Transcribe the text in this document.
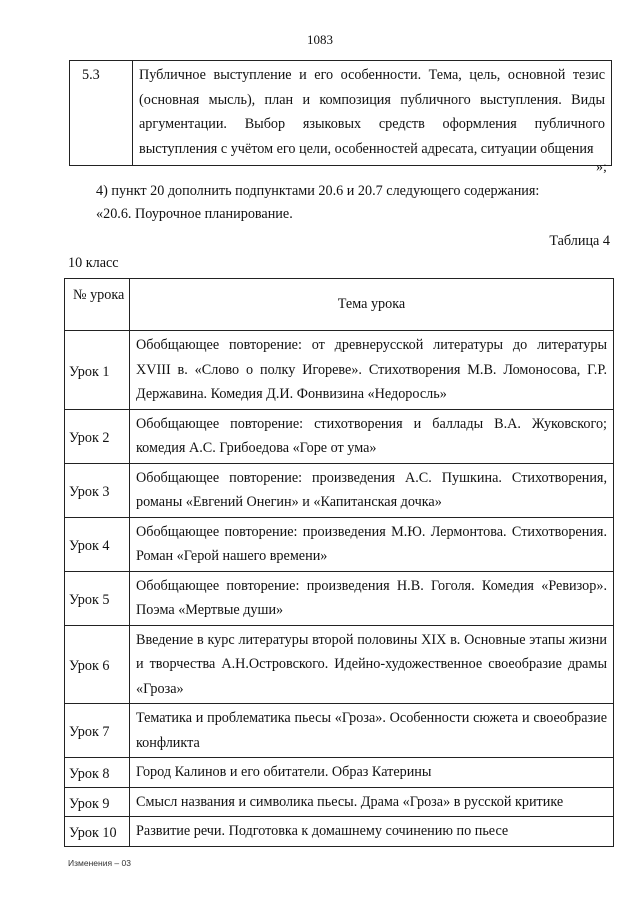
1083
5.3	Публичное выступление и его особенности. Тема, цель, основной тезис (основная мысль), план и композиция публичного выступления. Виды аргументации. Выбор языковых средств оформления публичного выступления с учётом его цели, особенностей адресата, ситуации общения
»;
4) пункт 20 дополнить подпунктами 20.6 и 20.7 следующего содержания:
«20.6. Поурочное планирование.
Таблица 4
10 класс
№ урока	Тема урока
Урок 1	Обобщающее повторение: от древнерусской литературы до литературы XVIII в. «Слово о полку Игореве». Стихотворения М.В. Ломоносова, Г.Р. Державина. Комедия Д.И. Фонвизина «Недоросль»
Урок 2	Обобщающее повторение: стихотворения и баллады В.А. Жуковского; комедия А.С. Грибоедова «Горе от ума»
Урок 3	Обобщающее повторение: произведения А.С. Пушкина. Стихотворения, романы «Евгений Онегин» и «Капитанская дочка»
Урок 4	Обобщающее повторение: произведения М.Ю. Лермонтова. Стихотворения. Роман «Герой нашего времени»
Урок 5	Обобщающее повторение: произведения Н.В. Гоголя. Комедия «Ревизор». Поэма «Мертвые души»
Урок 6	Введение в курс литературы второй половины XIX в. Основные этапы жизни и творчества А.Н.Островского. Идейно-художественное своеобразие драмы «Гроза»
Урок 7	Тематика и проблематика пьесы «Гроза». Особенности сюжета и своеобразие конфликта
Урок 8	Город Калинов и его обитатели. Образ Катерины
Урок 9	Смысл названия и символика пьесы. Драма «Гроза» в русской критике
Урок 10	Развитие речи. Подготовка к домашнему сочинению по пьесе
Изменения – 03
